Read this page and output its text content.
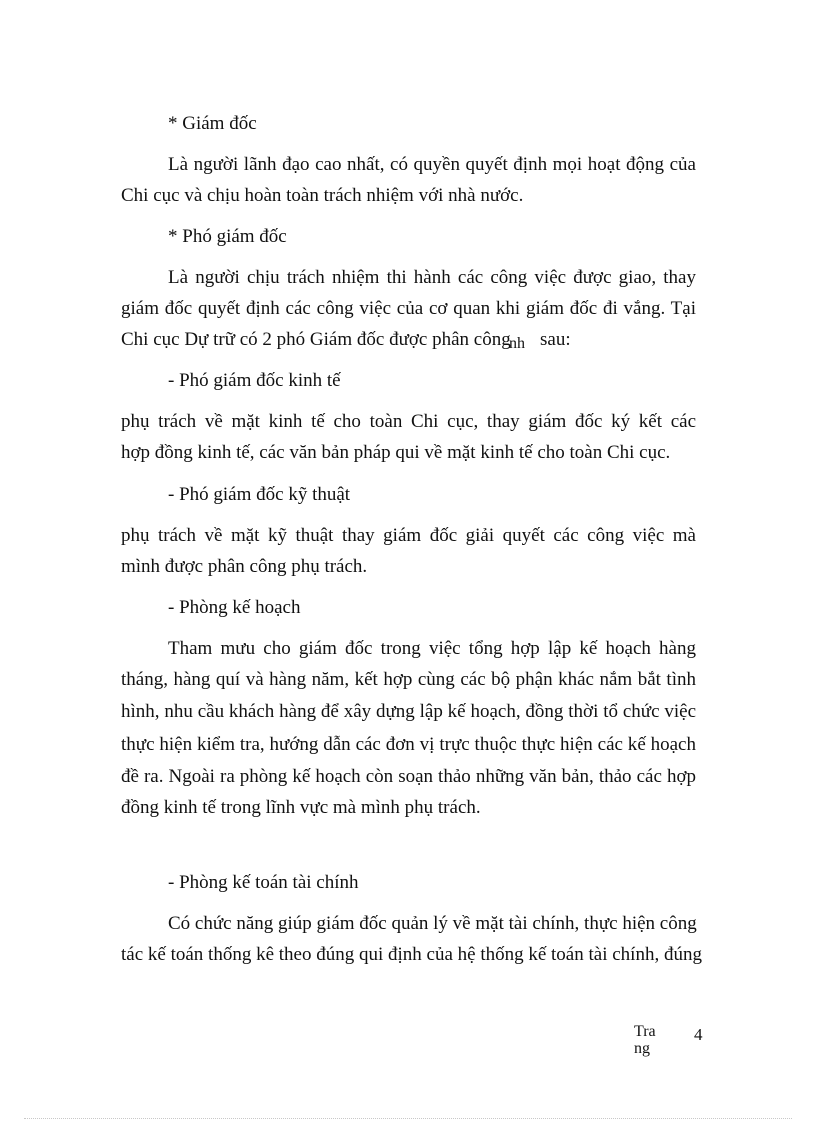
* Giám đốc
Là người lãnh đạo cao nhất, có quyền quyết định mọi hoạt động của
Chi cục và chịu hoàn toàn trách nhiệm với nhà nước.
* Phó giám đốc
Là người chịu trách nhiệm thi hành các công việc được giao, thay
giám đốc quyết định các công việc của cơ quan khi giám đốc đi vắng. Tại
Chi cục Dự trữ có 2 phó Giám đốc được phân công
nh sau:
- Phó giám đốc kinh tế
phụ trách về mặt kinh tế cho toàn Chi cục, thay giám đốc ký kết các
hợp đồng kinh tế, các văn bản pháp qui về mặt kinh tế cho toàn Chi cục.
- Phó giám đốc kỹ thuật
phụ trách về mặt kỹ thuật thay giám đốc giải quyết các công việc mà
mình được phân công phụ trách.
- Phòng kế hoạch
Tham mưu cho giám đốc trong việc tổng hợp lập kế hoạch hàng
tháng, hàng quí và hàng năm, kết hợp cùng các bộ phận khác nắm bắt tình
hình, nhu cầu khách hàng để xây dựng lập kế hoạch, đồng thời tổ chức việc
thực hiện kiểm tra, hướng dẫn các đơn vị trực thuộc thực hiện các kế hoạch
đề ra. Ngoài ra phòng kế hoạch còn soạn thảo những văn bản, thảo các hợp
đồng kinh tế trong lĩnh vực mà mình phụ trách.
- Phòng kế toán tài chính
Có chức năng giúp giám đốc quản lý về mặt tài chính, thực hiện công
tác kế toán thống kê theo đúng qui định của hệ thống kế toán tài chính, đúng
Trang
4
